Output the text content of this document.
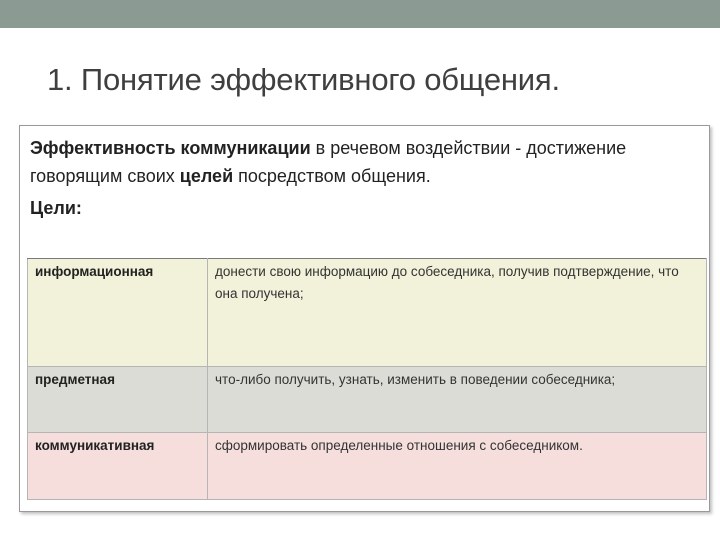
1. Понятие эффективного общения.
Эффективность коммуникации в речевом воздействии - достижение говорящим своих целей посредством общения.
Цели:
информационная	донести свою информацию до собеседника, получив подтверждение, что она получена;
предметная	что-либо получить, узнать, изменить в поведении собеседника;
коммуникативная	сформировать определенные отношения с собеседником.
